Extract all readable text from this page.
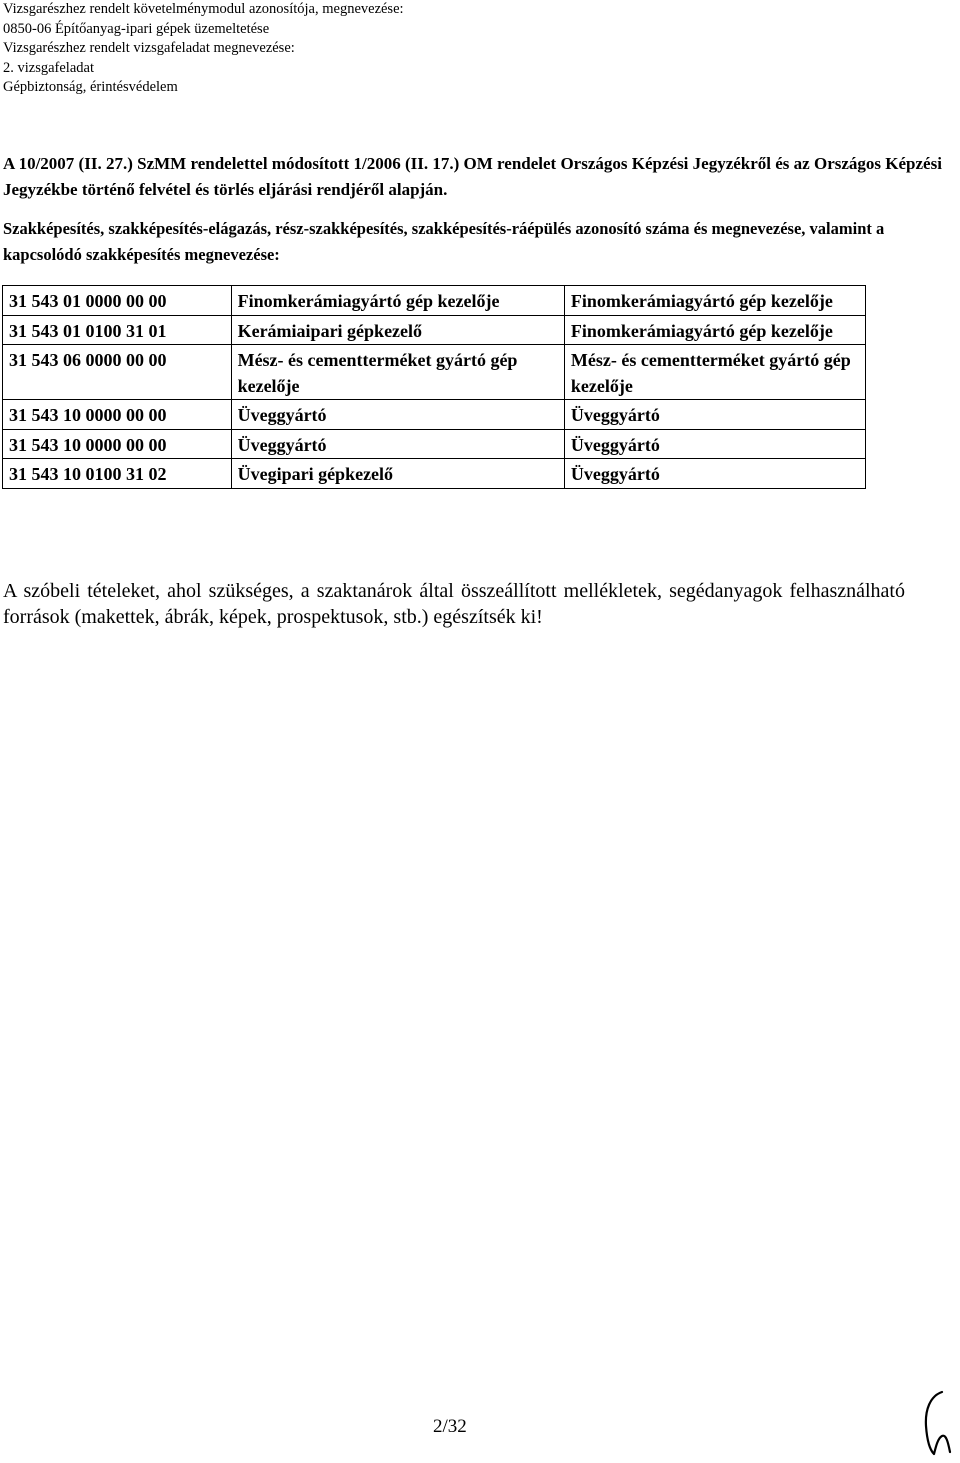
Vizsgarészhez rendelt követelménymodul azonosítója, megnevezése:
0850-06 Építőanyag-ipari gépek üzemeltetése
Vizsgarészhez rendelt vizsgafeladat megnevezése:
2. vizsgafeladat
Gépbiztonság, érintésvédelem
A 10/2007 (II. 27.) SzMM rendelettel módosított 1/2006 (II. 17.) OM rendelet Országos Képzési Jegyzékről és az Országos Képzési Jegyzékbe történő felvétel és törlés eljárási rendjéről alapján.
Szakképesítés, szakképesítés-elágazás, rész-szakképesítés, szakképesítés-ráépülés azonosító száma és megnevezése, valamint a kapcsolódó szakképesítés megnevezése:
31 543 01 0000 00 00	Finomkerámiagyártó gép kezelője	Finomkerámiagyártó gép kezelője
31 543 01 0100 31 01	Kerámiaipari gépkezelő	Finomkerámiagyártó gép kezelője
31 543 06 0000 00 00	Mész- és cementterméket gyártó gép kezelője	Mész- és cementterméket gyártó gép kezelője
31 543 10 0000 00 00	Üveggyártó	Üveggyártó
31 543 10 0000 00 00	Üveggyártó	Üveggyártó
31 543 10 0100 31 02	Üvegipari gépkezelő	Üveggyártó
A szóbeli tételeket, ahol szükséges, a szaktanárok által összeállított mellékletek, segédanyagok felhasználható források (makettek, ábrák, képek, prospektusok, stb.) egészítsék ki!
2/32
